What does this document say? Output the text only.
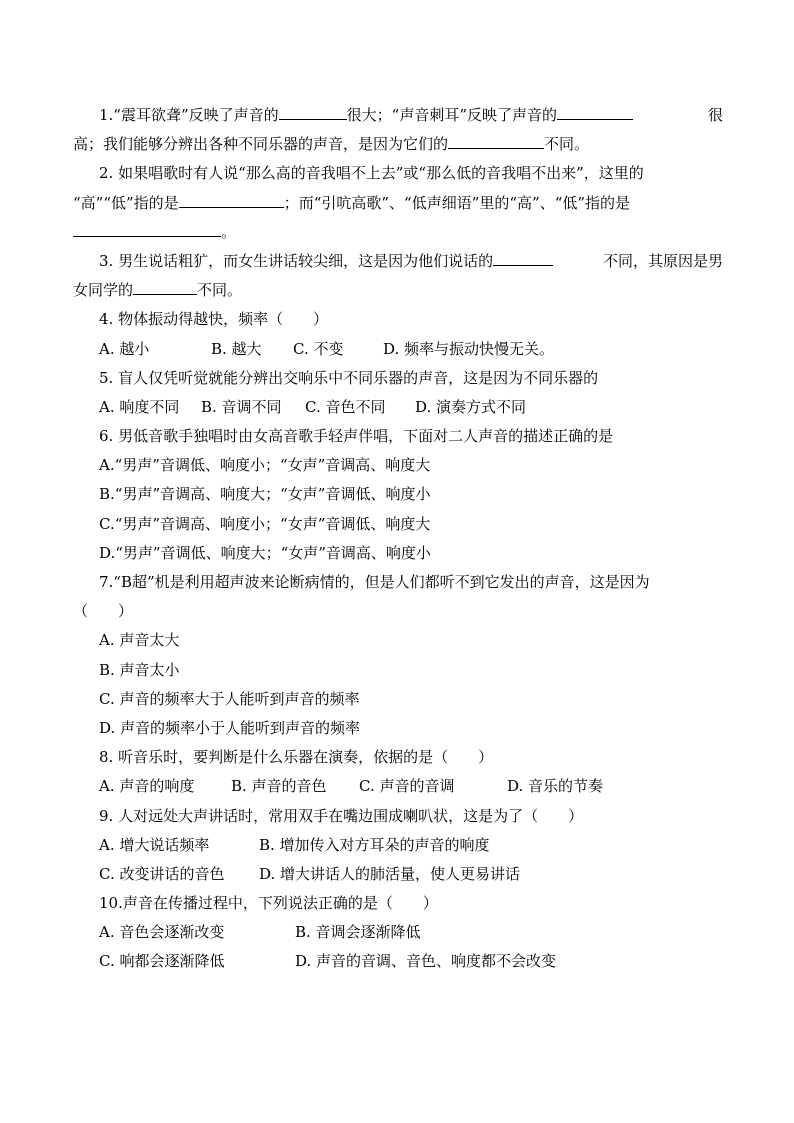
1.“震耳欲聋”反映了声音的	很大；“声音刺耳”反映了声音的	很
高；我们能够分辨出各种不同乐器的声音，是因为它们的	不同。
2. 如果唱歌时有人说“那么高的音我唱不上去”或“那么低的音我唱不出来”，这里的
“高”“低”指的是	；而“引吭高歌”、“低声细语”里的“高”、“低”指的是
。
3. 男生说话粗犷，而女生讲话较尖细，这是因为他们说话的	不同，其原因是男
女同学的	不同。
4. 物体振动得越快，频率（　　）
A. 越小	B. 越大 C. 不变	D. 频率与振动快慢无关。
5. 盲人仅凭听觉就能分辨出交响乐中不同乐器的声音，这是因为不同乐器的
A. 响度不同 B. 音调不同 C. 音色不同 D. 演奏方式不同
6. 男低音歌手独唱时由女高音歌手轻声伴唱，下面对二人声音的描述正确的是
A.“男声”音调低、响度小；“女声”音调高、响度大
B.“男声”音调高、响度大；“女声”音调低、响度小
C.“男声”音调高、响度小；“女声”音调低、响度大
D.“男声”音调低、响度大；“女声”音调高、响度小
7.“B超”机是利用超声波来论断病情的，但是人们都听不到它发出的声音，这是因为
（　　）
A. 声音太大
B. 声音太小
C. 声音的频率大于人能听到声音的频率
D. 声音的频率小于人能听到声音的频率
8. 听音乐时，要判断是什么乐器在演奏，依据的是（　　）
A. 声音的响度 B. 声音的音色 C. 声音的音调	D. 音乐的节奏
9. 人对远处大声讲话时，常用双手在嘴边围成喇叭状，这是为了（　　）
A. 增大说话频率	B. 增加传入对方耳朵的声音的响度
C. 改变讲话的音色 D. 增大讲话人的肺活量，使人更易讲话
10.声音在传播过程中，下列说法正确的是（　　）
A. 音色会逐渐改变	B. 音调会逐渐降低
C. 响都会逐渐降低	D. 声音的音调、音色、响度都不会改变
